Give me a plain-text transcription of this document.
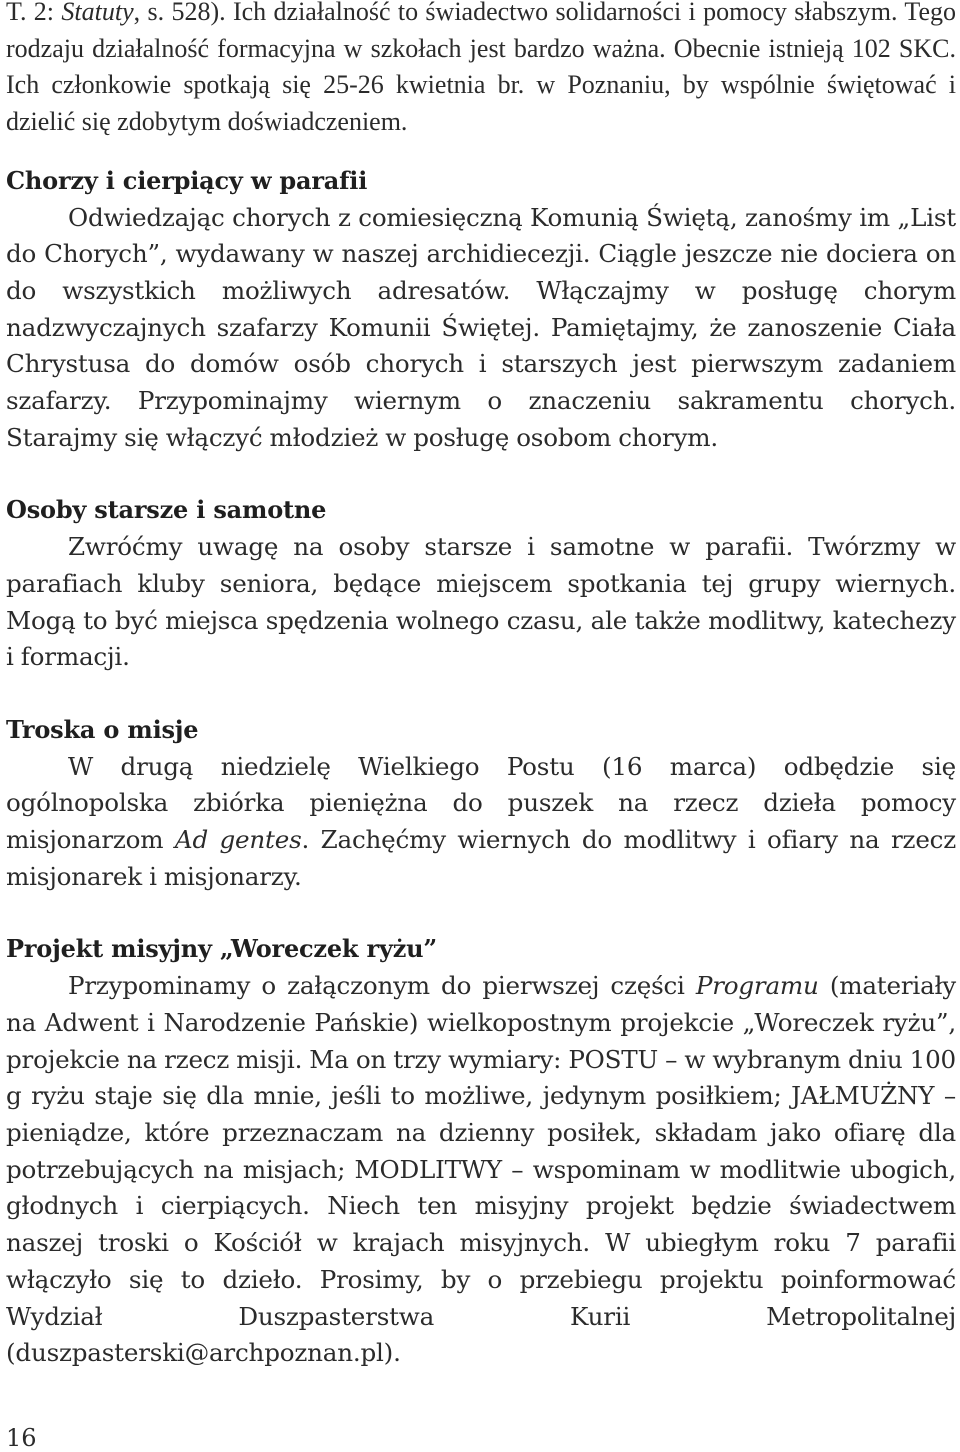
T. 2: Statuty, s. 528). Ich działalność to świadectwo solidarności i pomocy słabszym. Tego rodzaju działalność formacyjna w szkołach jest bardzo ważna. Obecnie istnieją 102 SKC. Ich członkowie spotkają się 25-26 kwietnia br. w Poznaniu, by wspólnie świętować i dzielić się zdobytym doświadczeniem.

Chorzy i cierpiący w parafii

Odwiedzając chorych z comiesięczną Komunią Świętą, zanośmy im „List do Chorych”, wydawany w naszej archidiecezji. Ciągle jeszcze nie dociera on do wszystkich możliwych adresatów. Włączajmy w posługę chorym nadzwyczajnych szafarzy Komunii Świętej. Pamiętajmy, że zanoszenie Ciała Chrystusa do domów osób chorych i starszych jest pierwszym zadaniem szafarzy. Przypominajmy wiernym o znaczeniu sakramentu chorych. Starajmy się włączyć młodzież w posługę osobom chorym.

Osoby starsze i samotne

Zwróćmy uwagę na osoby starsze i samotne w parafii. Twórzmy w parafiach kluby seniora, będące miejscem spotkania tej grupy wiernych. Mogą to być miejsca spędzenia wolnego czasu, ale także modlitwy, katechezy i formacji.

Troska o misje

W drugą niedzielę Wielkiego Postu (16 marca) odbędzie się ogólnopolska zbiórka pieniężna do puszek na rzecz dzieła pomocy misjonarzom Ad gentes. Zachęćmy wiernych do modlitwy i ofiary na rzecz misjonarek i misjonarzy.

Projekt misyjny „Woreczek ryżu”

Przypominamy o załączonym do pierwszej części Programu (materiały na Adwent i Narodzenie Pańskie) wielkopostnym projekcie „Woreczek ryżu”, projekcie na rzecz misji. Ma on trzy wymiary: POSTU – w wybranym dniu 100 g ryżu staje się dla mnie, jeśli to możliwe, jedynym posiłkiem; JAŁMUŻNY – pieniądze, które przeznaczam na dzienny posiłek, składam jako ofiarę dla potrzebujących na misjach; MODLITWY – wspominam w modlitwie ubogich, głodnych i cierpiących. Niech ten misyjny projekt będzie świadectwem naszej troski o Kościół w krajach misyjnych. W ubiegłym roku 7 parafii włączyło się to dzieło. Prosimy, by o przebiegu projektu poinformować Wydział Duszpasterstwa Kurii Metropolitalnej (duszpasterski@archpoznan.pl).

16
